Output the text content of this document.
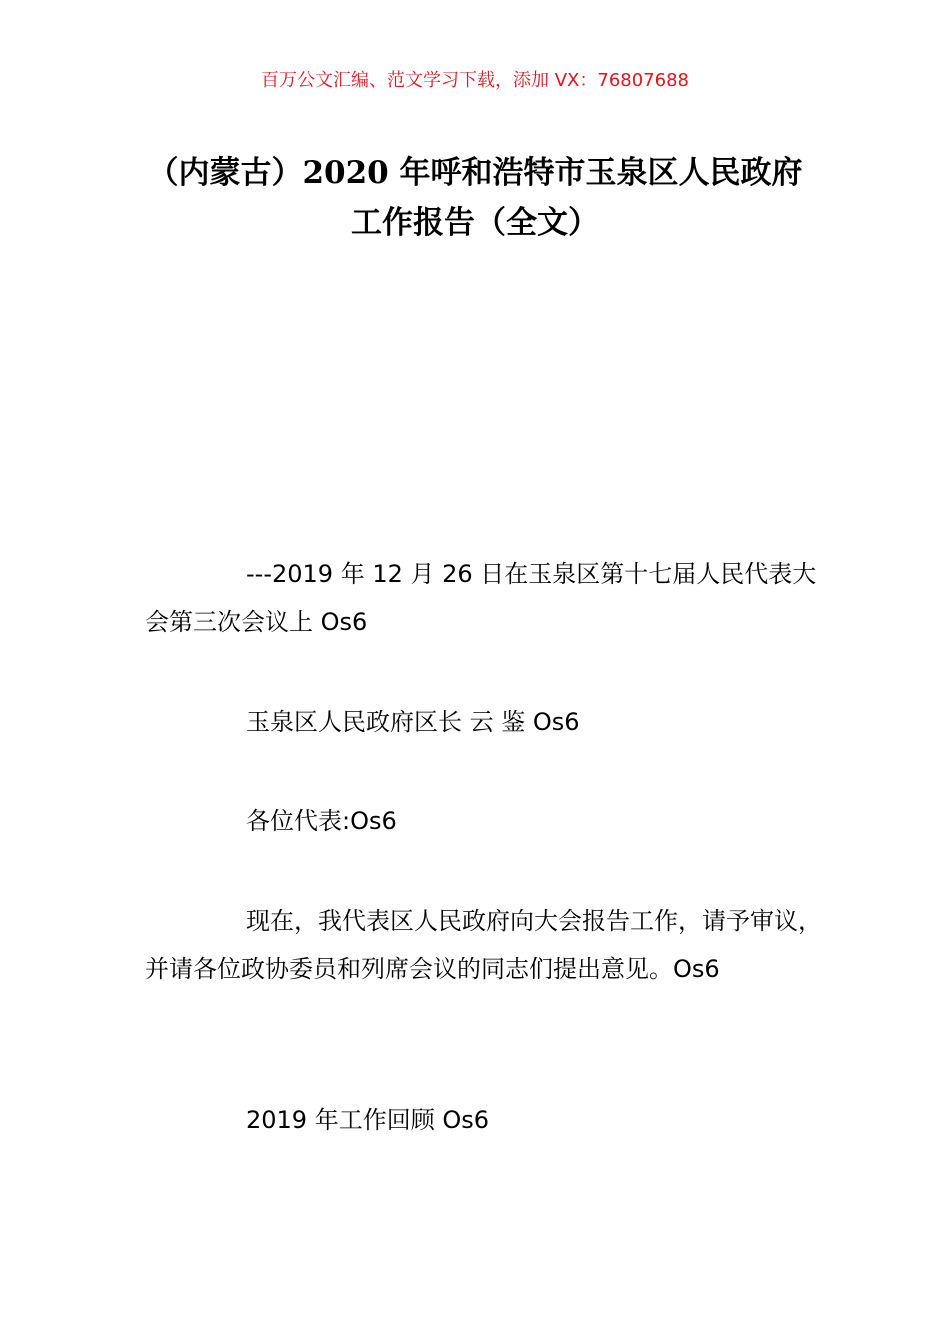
百万公文汇编、范文学习下载，添加 VX：76807688
（内蒙古）2020 年呼和浩特市玉泉区人民政府工作报告（全文）

---2019 年 12 月 26 日在玉泉区第十七届人民代表大会第三次会议上 Os6

玉泉区人民政府区长 云 鉴 Os6

各位代表:Os6

现在，我代表区人民政府向大会报告工作，请予审议，并请各位政协委员和列席会议的同志们提出意见。Os6

2019 年工作回顾 Os6
